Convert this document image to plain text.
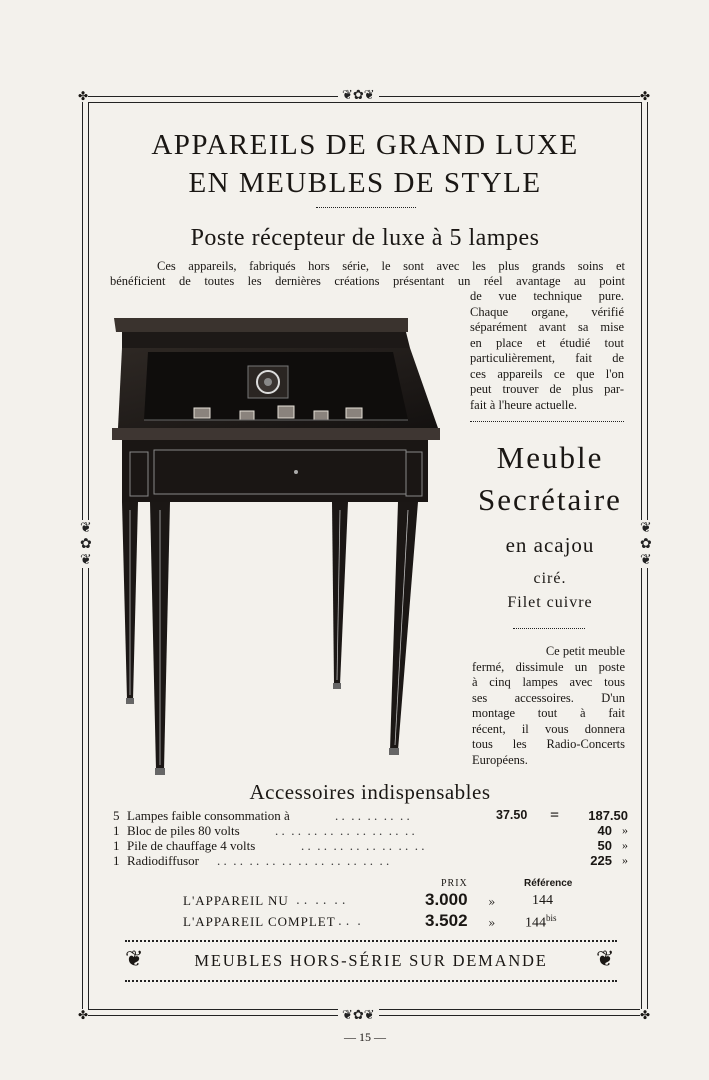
❦✿❦
❦✿❦
✤	✤
✤	✤
❦
✿
❦
❦
✿
❦
APPAREILS DE GRAND LUXE
EN MEUBLES DE STYLE
Poste récepteur de luxe à 5 lampes
Ces appareils, fabriqués hors série, le sont avec les plus grands soins et
bénéficient de toutes les dernières créations présentant un réel avantage au point
de vue technique pure.
Chaque organe, vérifié
séparément avant sa mise
en place et étudié tout
particulièrement, fait de
ces appareils ce que l'on
peut trouver de plus par-
fait à l'heure actuelle.
Meuble
Secrétaire
en acajou
ciré.
Filet cuivre
Ce petit meuble
fermé, dissimule un poste
à cinq lampes avec tous
ses accessoires. D'un
montage tout à fait
récent, il vous donnera
tous les Radio-Concerts
Européens.
Accessoires indispensables
5 Lampes faible consommation à	. .  . .  . .  . .  . .	37.50 = 187.50
1 Bloc de piles 80 volts	. .  . .  . .  . .  . .  . .  . .  . .  . .	40 »
1 Pile de chauffage 4 volts	. .  . .  . .  . .  . .  . .  . .  . .	50 »
1 Radiodiffusor . .  . .  . .  . .  . .  . .  . .  . .  . .  . .  . .	225 »
PRIX	Référence
L'APPAREIL NU . .  . .  . .	3.000 »	144
L'APPAREIL COMPLET . .  .	3.502 » $144^{bis}$
❦	❦
MEUBLES HORS-SÉRIE SUR DEMANDE
— 15 —
